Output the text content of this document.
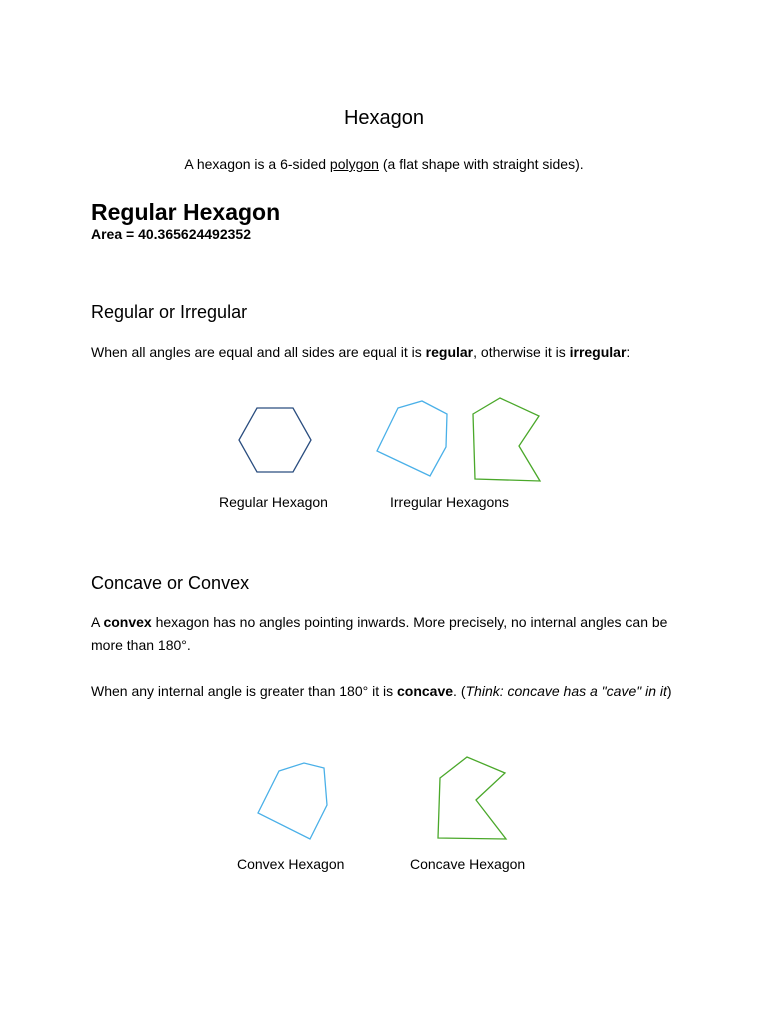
Hexagon
A hexagon is a 6-sided polygon (a flat shape with straight sides).
Regular Hexagon
Area = 40.365624492352
Regular or Irregular
When all angles are equal and all sides are equal it is regular, otherwise it is irregular:
Regular Hexagon	Irregular Hexagons
Concave or Convex
A convex hexagon has no angles pointing inwards. More precisely, no internal angles can be more than 180°.
When any internal angle is greater than 180° it is concave. (Think: concave has a "cave" in it)
Convex Hexagon	Concave Hexagon
